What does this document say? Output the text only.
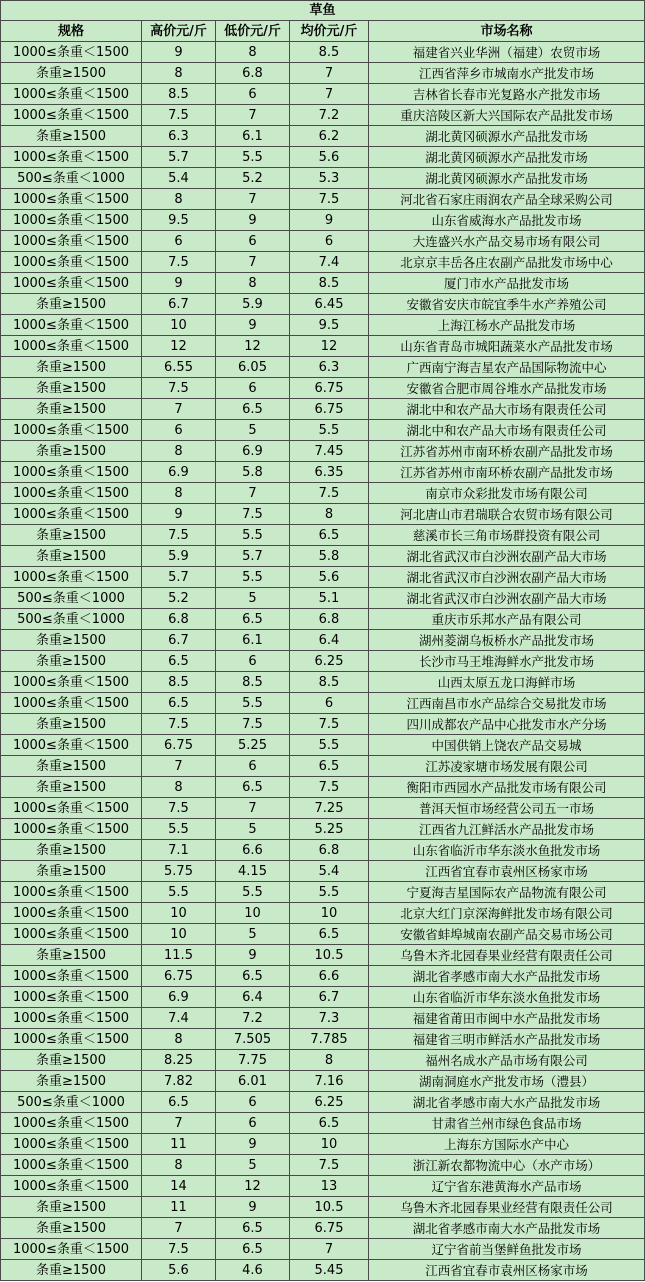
草鱼				
规格	高价元/斤	低价元/斤	均价元/斤	市场名称
1000≤条重＜1500	9	8	8.5	福建省兴业华洲（福建）农贸市场
条重≥1500	8	6.8	7	江西省萍乡市城南水产批发市场
1000≤条重＜1500	8.5	6	7	吉林省长春市光复路水产批发市场
1000≤条重＜1500	7.5	7	7.2	重庆涪陵区新大兴国际农产品批发市场
条重≥1500	6.3	6.1	6.2	湖北黄冈硕源水产品批发市场
1000≤条重＜1500	5.7	5.5	5.6	湖北黄冈硕源水产品批发市场
500≤条重＜1000	5.4	5.2	5.3	湖北黄冈硕源水产品批发市场
1000≤条重＜1500	8	7	7.5	河北省石家庄雨润农产品全球采购公司
1000≤条重＜1500	9.5	9	9	山东省威海水产品批发市场
1000≤条重＜1500	6	6	6	大连盛兴水产品交易市场有限公司
1000≤条重＜1500	7.5	7	7.4	北京京丰岳各庄农副产品批发市场中心
1000≤条重＜1500	9	8	8.5	厦门市水产品批发市场
条重≥1500	6.7	5.9	6.45	安徽省安庆市皖宜季牛水产养殖公司
1000≤条重＜1500	10	9	9.5	上海江杨水产品批发市场
1000≤条重＜1500	12	12	12	山东省青岛市城阳蔬菜水产品批发市场
条重≥1500	6.55	6.05	6.3	广西南宁海吉星农产品国际物流中心
条重≥1500	7.5	6	6.75	安徽省合肥市周谷堆水产品批发市场
条重≥1500	7	6.5	6.75	湖北中和农产品大市场有限责任公司
1000≤条重＜1500	6	5	5.5	湖北中和农产品大市场有限责任公司
条重≥1500	8	6.9	7.45	江苏省苏州市南环桥农副产品批发市场
1000≤条重＜1500	6.9	5.8	6.35	江苏省苏州市南环桥农副产品批发市场
1000≤条重＜1500	8	7	7.5	南京市众彩批发市场有限公司
1000≤条重＜1500	9	7.5	8	河北唐山市君瑞联合农贸市场有限公司
条重≥1500	7.5	5.5	6.5	慈溪市长三角市场群投资有限公司
条重≥1500	5.9	5.7	5.8	湖北省武汉市白沙洲农副产品大市场
1000≤条重＜1500	5.7	5.5	5.6	湖北省武汉市白沙洲农副产品大市场
500≤条重＜1000	5.2	5	5.1	湖北省武汉市白沙洲农副产品大市场
500≤条重＜1000	6.8	6.5	6.8	重庆市乐邦水产品有限公司
条重≥1500	6.7	6.1	6.4	湖州菱湖乌板桥水产品批发市场
条重≥1500	6.5	6	6.25	长沙市马王堆海鲜水产批发市场
1000≤条重＜1500	8.5	8.5	8.5	山西太原五龙口海鲜市场
1000≤条重＜1500	6.5	5.5	6	江西南昌市水产品综合交易批发市场
条重≥1500	7.5	7.5	7.5	四川成都农产品中心批发市水产分场
1000≤条重＜1500	6.75	5.25	5.5	中国供销上饶农产品交易城
条重≥1500	7	6	6.5	江苏凌家塘市场发展有限公司
条重≥1500	8	6.5	7.5	衡阳市西园水产品批发市场有限公司
1000≤条重＜1500	7.5	7	7.25	普洱天恒市场经营公司五一市场
1000≤条重＜1500	5.5	5	5.25	江西省九江鲜活水产品批发市场
条重≥1500	7.1	6.6	6.8	山东省临沂市华东淡水鱼批发市场
条重≥1500	5.75	4.15	5.4	江西省宜春市袁州区杨家市场
1000≤条重＜1500	5.5	5.5	5.5	宁夏海吉星国际农产品物流有限公司
1000≤条重＜1500	10	10	10	北京大红门京深海鲜批发市场有限公司
1000≤条重＜1500	10	5	6.5	安徽省蚌埠城南农副产品交易市场公司
条重≥1500	11.5	9	10.5	乌鲁木齐北园春果业经营有限责任公司
1000≤条重＜1500	6.75	6.5	6.6	湖北省孝感市南大水产品批发市场
1000≤条重＜1500	6.9	6.4	6.7	山东省临沂市华东淡水鱼批发市场
1000≤条重＜1500	7.4	7.2	7.3	福建省莆田市闽中水产品批发市场
1000≤条重＜1500	8	7.505	7.785	福建省三明市鲜活水产品批发市场
条重≥1500	8.25	7.75	8	福州名成水产品市场有限公司
条重≥1500	7.82	6.01	7.16	湖南洞庭水产批发市场（澧县）
500≤条重＜1000	6.5	6	6.25	湖北省孝感市南大水产品批发市场
1000≤条重＜1500	7	6	6.5	甘肃省兰州市绿色食品市场
1000≤条重＜1500	11	9	10	上海东方国际水产中心
1000≤条重＜1500	8	5	7.5	浙江新农都物流中心（水产市场）
1000≤条重＜1500	14	12	13	辽宁省东港黄海水产品市场
条重≥1500	11	9	10.5	乌鲁木齐北园春果业经营有限责任公司
条重≥1500	7	6.5	6.75	湖北省孝感市南大水产品批发市场
1000≤条重＜1500	7.5	6.5	7	辽宁省前当堡鲜鱼批发市场
条重≥1500	5.6	4.6	5.45	江西省宜春市袁州区杨家市场
